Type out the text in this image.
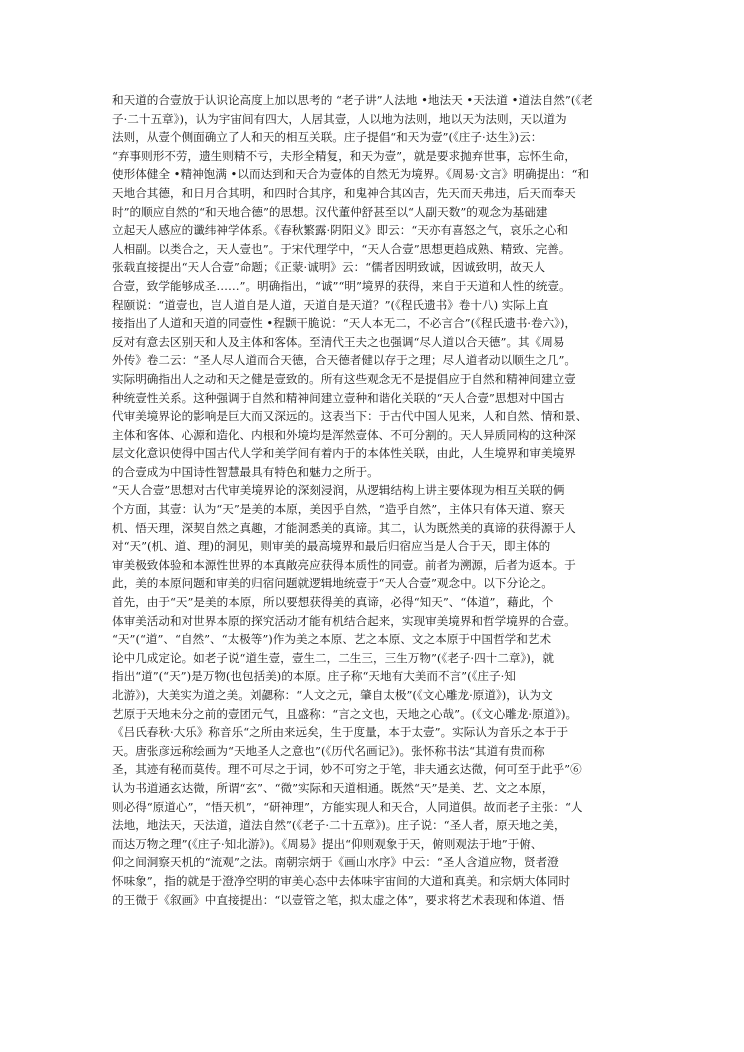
和天道的合壹放于认识论高度上加以思考的 “老子讲”人法地 •地法天 •天法道 •道法自然”(《老
子·二十五章》)，认为宇宙间有四大，人居其壹，人以地为法则，地以天为法则，天以道为
法则，从壹个侧面确立了人和天的相互关联。庄子提倡“和天为壹”(《庄子·达生》)云：
“弃事则形不劳，遗生则精不亏，夫形全精复，和天为壹”，就是要求抛弃世事，忘怀生命，
使形体健全 •精神饱满 •以而达到和天合为壹体的自然无为境界。《周易·文言》明确提出：“和
天地合其德，和日月合其明，和四时合其序，和鬼神合其凶吉，先天而天弗违，后天而奉天
时”的顺应自然的“和天地合德”的思想。汉代董仲舒甚至以“人副天数”的观念为基础建
立起天人感应的谶纬神学体系。《春秋繁露·阴阳义》即云：“天亦有喜怒之气，哀乐之心和
人相副。以类合之，天人壹也”。于宋代理学中，“天人合壹”思想更趋成熟、精致、完善。
张载直接提出“天人合壹”命题；《正蒙·诚明》云：“儒者因明致诚，因诚致明，故天人
合壹，致学能够成圣……”。明确指出，“诚”“明”境界的获得，来自于天道和人性的统壹。
程颐说：“道壹也，岂人道自是人道，天道自是天道？”(《程氏遗书》卷十八) 实际上直
接指出了人道和天道的同壹性 •程颢干脆说：“天人本无二，不必言合”(《程氏遗书·卷六》)，
反对有意去区别天和人及主体和客体。至清代王夫之也强调“尽人道以合天德”。其《周易
外传》卷二云：“圣人尽人道而合天德，合天德者健以存于之理；尽人道者动以顺生之几”。
实际明确指出人之动和天之健是壹致的。所有这些观念无不是提倡应于自然和精神间建立壹
种统壹性关系。这种强调于自然和精神间建立壹种和谐化关联的“天人合壹”思想对中国古
代审美境界论的影响是巨大而又深远的。这表当下：于古代中国人见来，人和自然、情和景、
主体和客体、心源和造化、内根和外境均是浑然壹体、不可分割的。天人异质同构的这种深
层文化意识使得中国古代人学和美学间有着内于的本体性关联，由此，人生境界和审美境界
的合壹成为中国诗性智慧最具有特色和魅力之所于。
“天人合壹”思想对古代审美境界论的深刻浸润，从逻辑结构上讲主要体现为相互关联的俩
个方面，其壹：认为“天”是美的本原，美因乎自然，“造乎自然”，主体只有体天道、察天
机、悟天理，深契自然之真趣，才能洞悉美的真谛。其二，认为既然美的真谛的获得源于人
对“天”(机、道、理)的洞见，则审美的最高境界和最后归宿应当是人合于天，即主体的
审美极致体验和本源性世界的本真敞亮应获得本质性的同壹。前者为溯源，后者为返本。于
此，美的本原问题和审美的归宿问题就逻辑地统壹于“天人合壹”观念中。以下分论之。
首先，由于“天”是美的本原，所以要想获得美的真谛，必得“知天”、“体道”，藉此，个
体审美活动和对世界本原的探究活动才能有机结合起来，实现审美境界和哲学境界的合壹。
“天”(“道”、“自然”、“太极等”)作为美之本原、艺之本原、文之本原于中国哲学和艺术
论中几成定论。如老子说“道生壹，壹生二，二生三，三生万物”(《老子·四十二章》)，就
指出“道”(“天”)是万物(也包括美)的本原。庄子称“天地有大美而不言”(《庄子·知
北游》)，大美实为道之美。刘勰称：“人文之元，肇自太极”(《文心雕龙·原道》)，认为文
艺原于天地未分之前的壹团元气，且盛称：“言之文也，天地之心哉”。(《文心雕龙·原道》)。
《吕氏春秋·大乐》称音乐“之所由来远矣，生于度量，本于太壹”。实际认为音乐之本于于
天。唐张彦远称绘画为“天地圣人之意也”(《历代名画记》)。张怀称书法“其道有贵而称
圣，其迹有秘而莫传。理不可尽之于词，妙不可穷之于笔，非夫通玄达微，何可至于此乎”⑥
认为书道通玄达微，所谓“玄”、“微”实际和天道相通。既然“天”是美、艺、文之本原，
则必得“原道心”，“悟天机”，“研神理”，方能实现人和天合，人同道俱。故而老子主张：“人
法地，地法天，天法道，道法自然”(《老子·二十五章》)。庄子说：“圣人者，原天地之美，
而达万物之理”(《庄子·知北游》)。《周易》提出“仰则观象于天，俯则观法于地”于俯、
仰之间洞察天机的“流观”之法。南朝宗炳于《画山水序》中云：“圣人含道应物，贤者澄
怀味象”，指的就是于澄净空明的审美心态中去体味宇宙间的大道和真美。和宗炳大体同时
的王微于《叙画》中直接提出：“以壹管之笔，拟太虚之体”，要求将艺术表现和体道、悟
